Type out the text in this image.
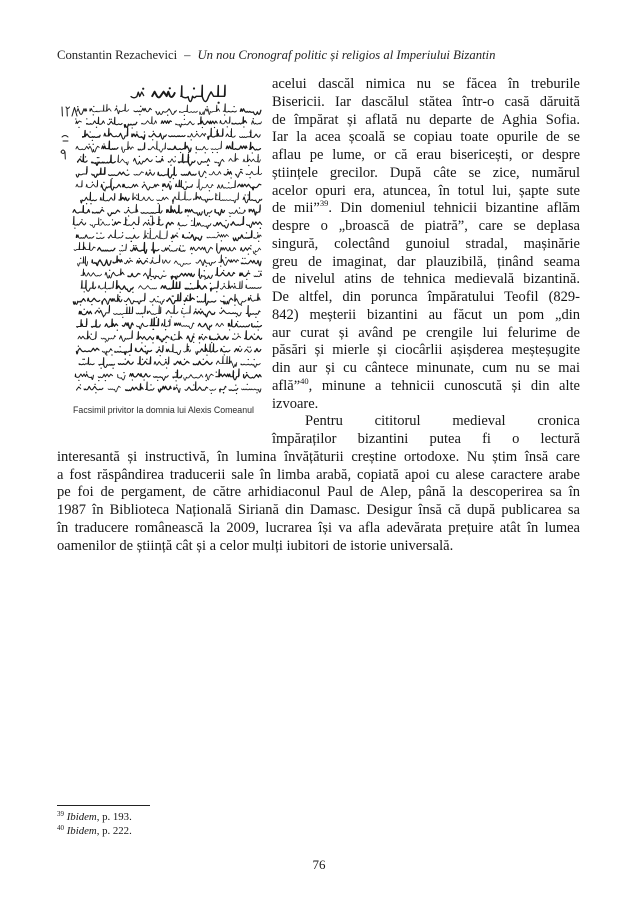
Constantin Rezachevici – Un nou Cronograf politic și religios al Imperiului Bizantin
Facsimil privitor la domnia lui Alexis Comeanul
acelui dascăl nimica nu se făcea în treburile
Bisericii. Iar dascălul stătea într-o casă dăruită
de împărat și aflată nu departe de Aghia Sofia.
Iar la acea școală se copiau toate opurile de se
aflau pe lume, or că erau bisericești, or despre
științele grecilor. După câte se zice, numărul
acelor opuri era, atuncea, în totul lui, șapte sute
de mii”$^{39}$. Din domeniul tehnicii bizantine aflăm
despre o „broască de piatră”, care se deplasa
singură, colectând gunoiul stradal, mașinărie
greu de imaginat, dar plauzibilă, ținând seama
de nivelul atins de tehnica medievală bizantină.
De altfel, din porunca împăratului Teofil (829-
842) meșterii bizantini au făcut un pom „din
aur curat și având pe crengile lui felurime de
păsări și mierle și ciocârlii așișderea meșteșugite
din aur și cu cântece minunate, cum nu se mai
află”$^{40}$, minune a tehnicii cunoscută și din alte
izvoare.
Pentru cititorul medieval cronica
împăraților bizantini putea fi o lectură
interesantă și instructivă, în lumina învățăturii creștine ortodoxe. Nu știm însă care
a fost răspândirea traducerii sale în limba arabă, copiată apoi cu alese caractere arabe
pe foi de pergament, de către arhidiaconul Paul de Alep, până la descoperirea sa în
1987 în Biblioteca Națională Siriană din Damasc. Desigur însă că după publicarea sa
în traducere românească la 2009, lucrarea își va afla adevărata prețuire atât în lumea
oamenilor de știință cât și a celor mulți iubitori de istorie universală.
$^{39}$ Ibidem, p. 193.
$^{40}$ Ibidem, p. 222.
76
